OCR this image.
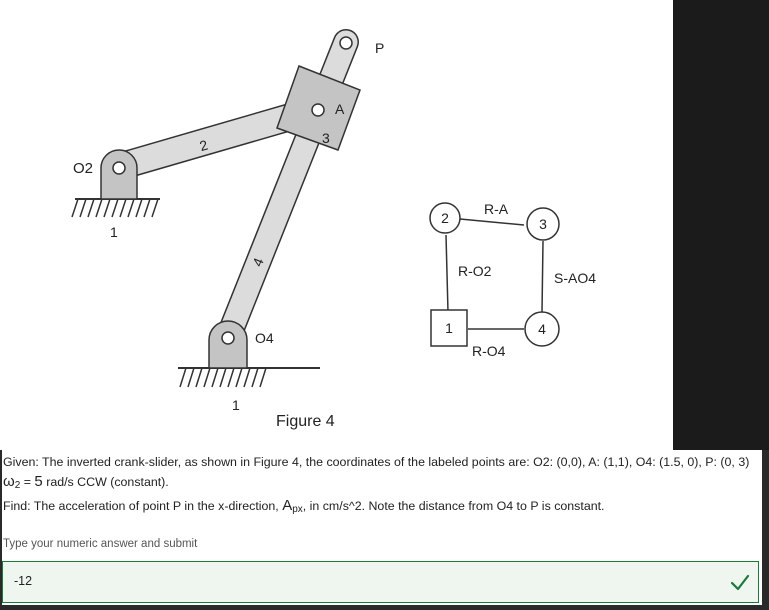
O2
A
O4
P
1
1
2	3
4
Figure 4
2	3
1	4
R-A
R-O2	S-AO4
R-O4
Given: The inverted crank-slider, as shown in Figure 4, the coordinates of the labeled points are: O2: (0,0), A: (1,1), O4: (1.5, 0), P: (0, 3) $\omega_2 = 5$ rad/s CCW (constant).
Find: The acceleration of point P in the x-direction, $A_{px}$, in cm/s^2. Note the distance from O4 to P is constant.
Type your numeric answer and submit
-12
